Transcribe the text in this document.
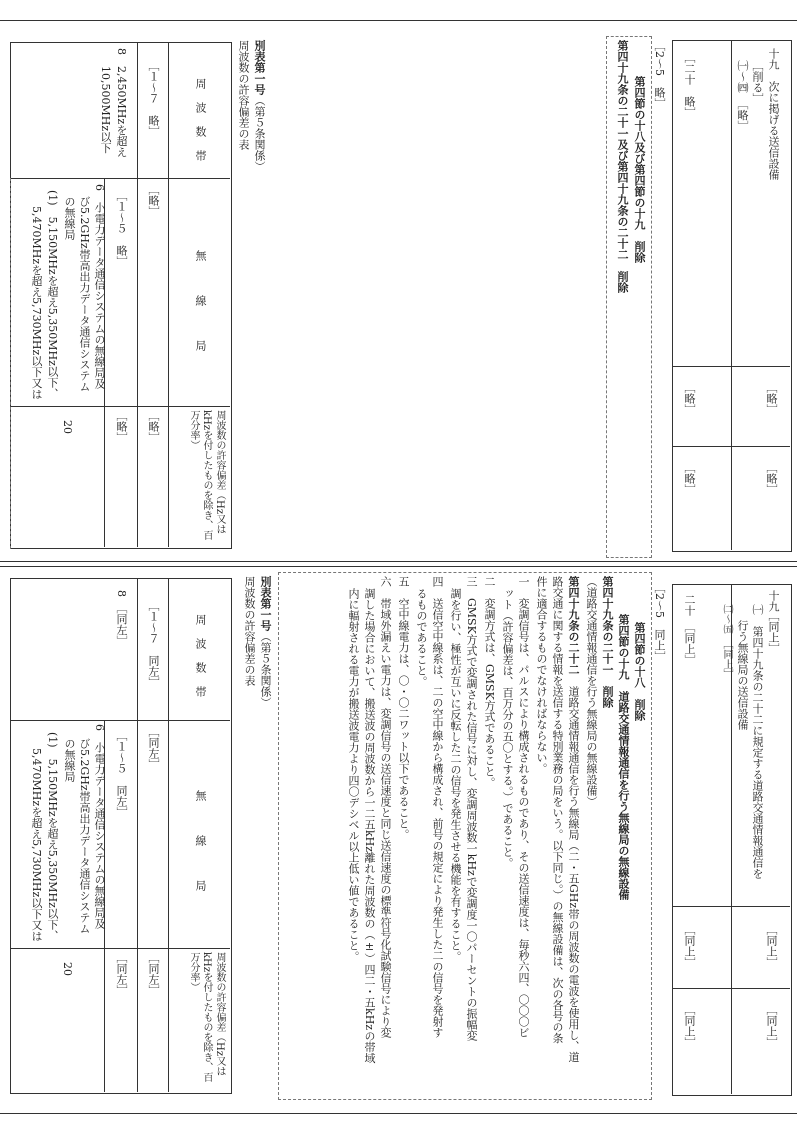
十九　次に掲げる送信設備
［削る］
㈠〜㈣　［略］
［略］
［略］
［二十　略］
［略］
［略］
［2〜5　略］
第四節の十八及び第四節の十九　削除
第四十九条の二十一及び第四十九条の二十二　削除
別表第一号（第５条関係）
周波数の許容偏差の表
周　波　数　帯
無　　線　　局
周波数の許容偏差（Hz又はkHzを付したものを除き、百万分率）
［１〜７　略］
［略］
［略］
8
2,450MHzを超え
10,500MHz以下
［１〜５　略］
［略］
6　小電力データ通信システムの無線局及
び5.2GHz帯高出力データ通信システム
の無線局
(1)　5,150MHzを超え5,350MHz以下、
5,470MHzを超え5,730MHz以下又は
20
十九
［同上］
㈠　第四十九条の二十二に規定する道路交通情報通信を
行う無線局の送信設備
㈡〜㈤　［同上］
［同上］
［同上］
二十　［同上］
［同上］
［同上］
［2〜5　同上］
第四節の十八　削除
第四節の十九　道路交通情報通信を行う無線局の無線設備
第四十九条の二十一　削除
（道路交通情報通信を行う無線局の無線設備）
第四十九条の二十二　道路交通情報通信を行う無線局（二・五GHz帯の周波数の電波を使用し、道
路交通に関する情報を送信する特別業務の局をいう。以下同じ。）の無線設備は、次の各号の条
件に適合するものでなければならない。
一　変調信号は、パルスにより構成されるものであり、その送信速度は、毎秒六四、〇〇〇ビ
ット（許容偏差は、百万分の五〇とする。）であること。
二　変調方式は、GMSK方式であること。
三　GMSK方式で変調された信号に対し、変調周波数一kHzで変調度一〇パーセントの振幅変
調を行い、極性が互いに反転した二の信号を発生させる機能を有すること。
四　送信空中線系は、二の空中線から構成され、前号の規定により発生した二の信号を発射す
るものであること。
五　空中線電力は、〇・〇二ワット以下であること。
六　帯域外漏えい電力は、変調信号の送信速度と同じ送信速度の標準符号化試験信号により変
調した場合において、搬送波の周波数から一二五kHz離れた周波数の（±）四二・五kHzの帯域
内に輻射される電力が搬送波電力より四〇デシベル以上低い値であること。
別表第一号（第５条関係）
周波数の許容偏差の表
周　波　数　帯
無　　線　　局
周波数の許容偏差（Hz又はkHzを付したものを除き、百万分率）
［１〜７　同左］
［同左］
［同左］
8　［同左］
［１〜５　同左］
［同左］
6　小電力データ通信システムの無線局及
び5.2GHz帯高出力データ通信システム
の無線局
(1)　5,150MHzを超え5,350MHz以下、
5,470MHzを超え5,730MHz以下又は
20
